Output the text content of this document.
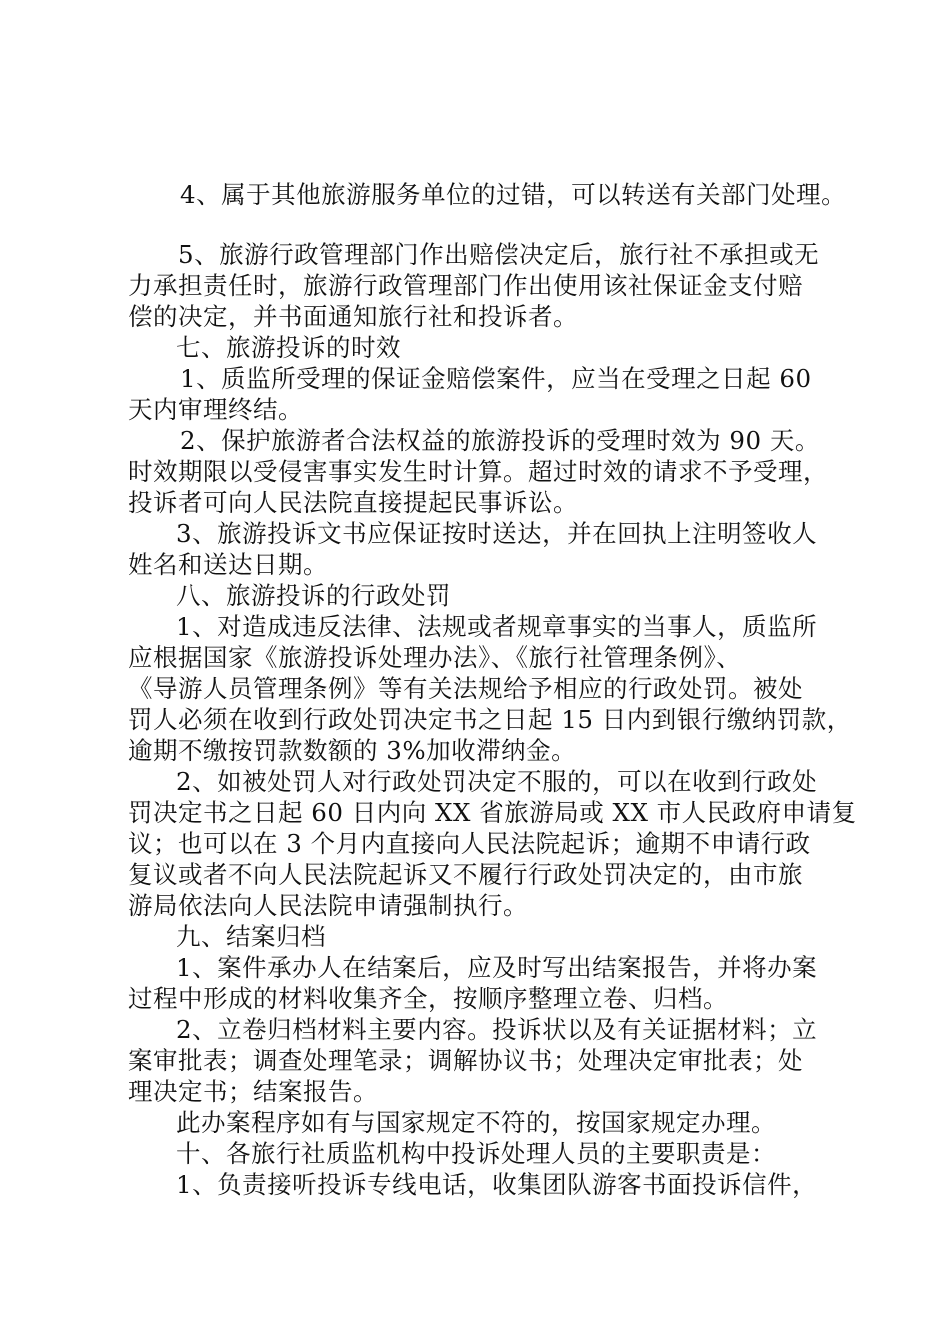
4、属于其他旅游服务单位的过错，可以转送有关部门处理。
5、旅游行政管理部门作出赔偿决定后，旅行社不承担或无
力承担责任时，旅游行政管理部门作出使用该社保证金支付赔
偿的决定，并书面通知旅行社和投诉者。
七、旅游投诉的时效
1、质监所受理的保证金赔偿案件，应当在受理之日起 60
天内审理终结。
2、保护旅游者合法权益的旅游投诉的受理时效为 90 天。
时效期限以受侵害事实发生时计算。超过时效的请求不予受理，
投诉者可向人民法院直接提起民事诉讼。
3、旅游投诉文书应保证按时送达，并在回执上注明签收人
姓名和送达日期。
八、旅游投诉的行政处罚
1、对造成违反法律、法规或者规章事实的当事人，质监所
应根据国家《旅游投诉处理办法》、《旅行社管理条例》、
《导游人员管理条例》等有关法规给予相应的行政处罚。被处
罚人必须在收到行政处罚决定书之日起 15 日内到银行缴纳罚款，
逾期不缴按罚款数额的 3%加收滞纳金。
2、如被处罚人对行政处罚决定不服的，可以在收到行政处
罚决定书之日起 60 日内向 XX 省旅游局或 XX 市人民政府申请复
议；也可以在 3 个月内直接向人民法院起诉；逾期不申请行政
复议或者不向人民法院起诉又不履行行政处罚决定的，由市旅
游局依法向人民法院申请强制执行。
九、结案归档
1、案件承办人在结案后，应及时写出结案报告，并将办案
过程中形成的材料收集齐全，按顺序整理立卷、归档。
2、立卷归档材料主要内容。投诉状以及有关证据材料；立
案审批表；调查处理笔录；调解协议书；处理决定审批表；处
理决定书；结案报告。
此办案程序如有与国家规定不符的，按国家规定办理。
十、各旅行社质监机构中投诉处理人员的主要职责是：
1、负责接听投诉专线电话，收集团队游客书面投诉信件，
